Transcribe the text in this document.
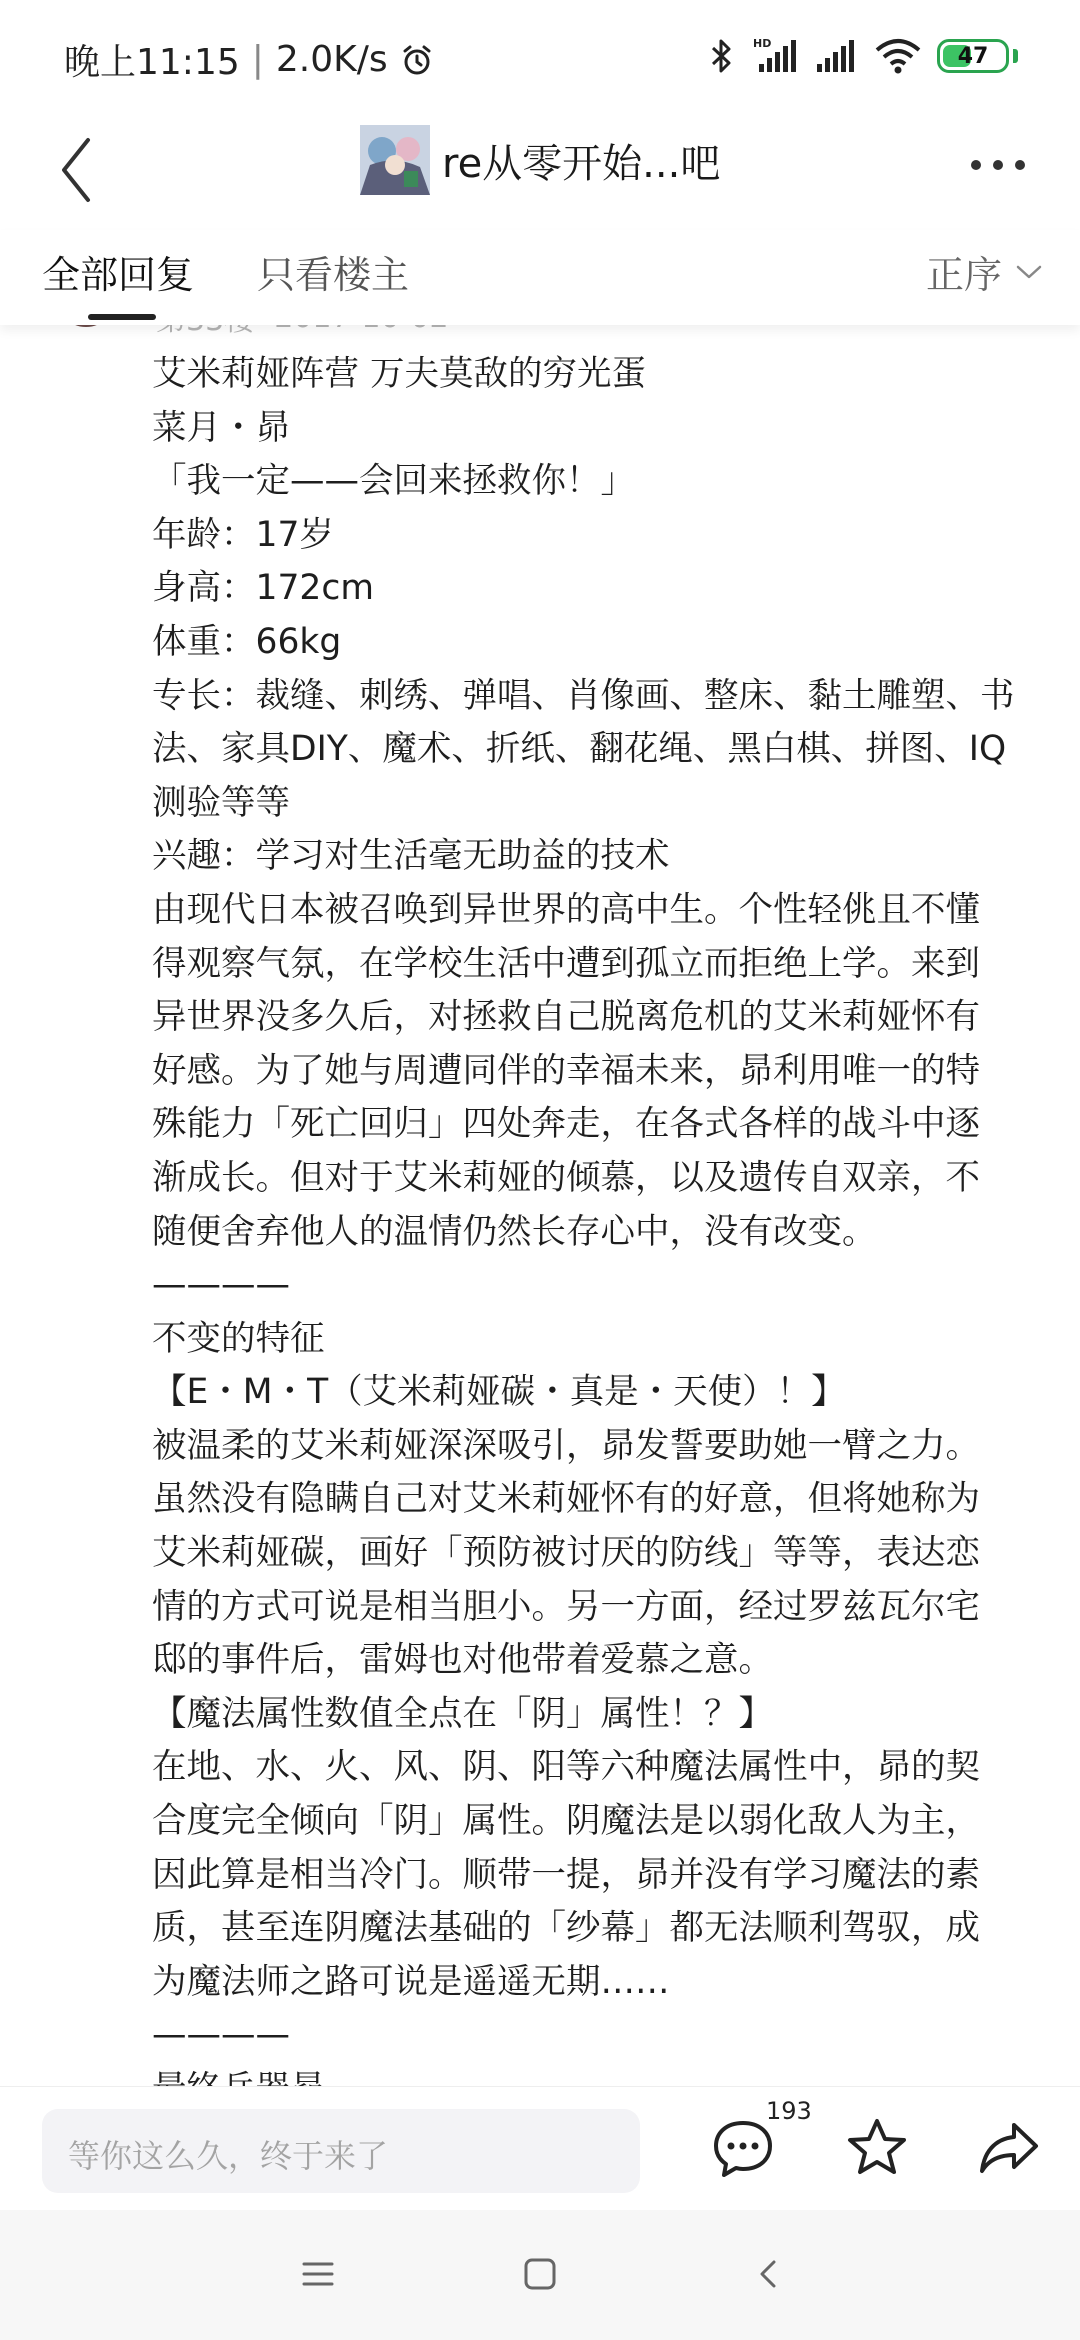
晚上11:15 | 2.0K/s	HD	47
re从零开始...吧
全部回复 只看楼主	正序
艾米莉娅阵营 万夫莫敌的穷光蛋
菜月・昴
「我一定——会回来拯救你！」
年龄：17岁
身高：172cm
体重：66kg
专长：裁缝、刺绣、弹唱、肖像画、整床、黏土雕塑、书
法、家具DIY、魔术、折纸、翻花绳、黑白棋、拼图、IQ
测验等等
兴趣：学习对生活毫无助益的技术
由现代日本被召唤到异世界的高中生。个性轻佻且不懂
得观察气氛，在学校生活中遭到孤立而拒绝上学。来到
异世界没多久后，对拯救自己脱离危机的艾米莉娅怀有
好感。为了她与周遭同伴的幸福未来，昴利用唯一的特
殊能力「死亡回归」四处奔走，在各式各样的战斗中逐
渐成长。但对于艾米莉娅的倾慕，以及遗传自双亲，不
随便舍弃他人的温情仍然长存心中，没有改变。
————
不变的特征
【E・M・T（艾米莉娅碳・真是・天使）！】
被温柔的艾米莉娅深深吸引，昴发誓要助她一臂之力。
虽然没有隐瞒自己对艾米莉娅怀有的好意，但将她称为
艾米莉娅碳，画好「预防被讨厌的防线」等等，表达恋
情的方式可说是相当胆小。另一方面，经过罗兹瓦尔宅
邸的事件后，雷姆也对他带着爱慕之意。
【魔法属性数值全点在「阴」属性！？】
在地、水、火、风、阴、阳等六种魔法属性中，昴的契
合度完全倾向「阴」属性。阴魔法是以弱化敌人为主，
因此算是相当冷门。顺带一提，昴并没有学习魔法的素
质，甚至连阴魔法基础的「纱幕」都无法顺利驾驭，成
为魔法师之路可说是遥遥无期……
————
等你这么久，终于来了
193
